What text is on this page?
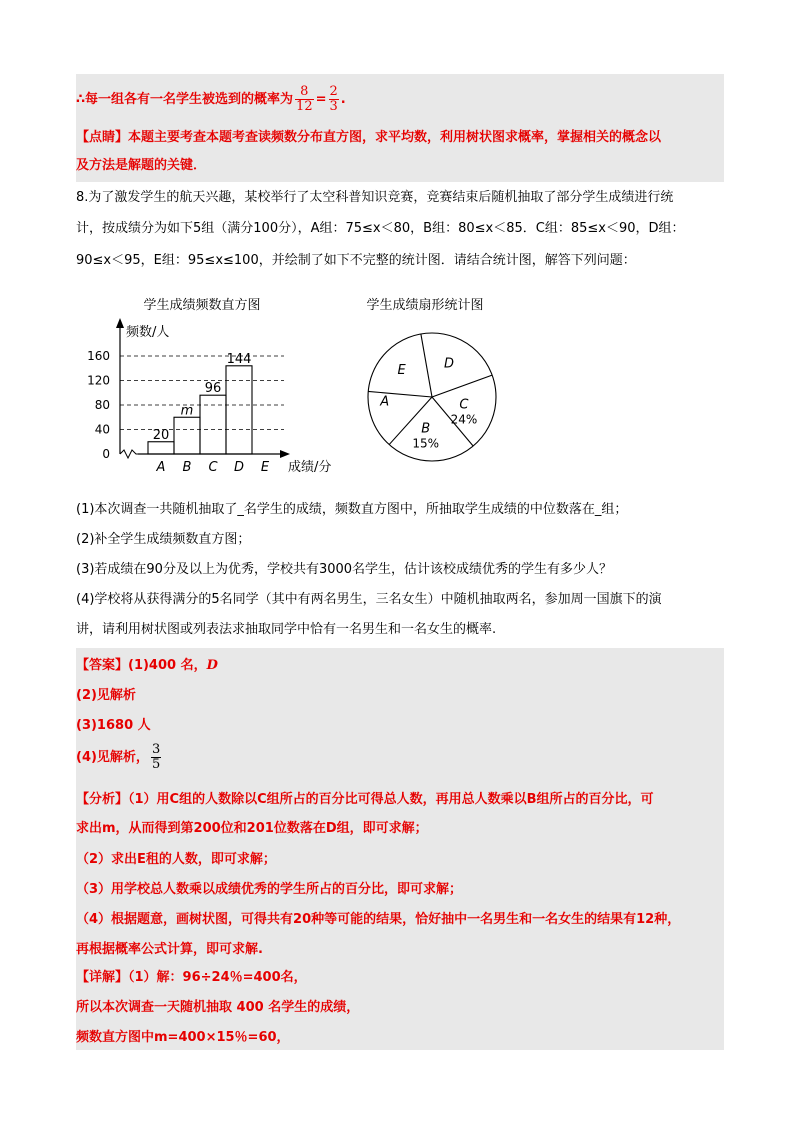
∴每一组各有一名学生被选到的概率为 $\frac{8}{12} = \frac{2}{3}$ .
【点睛】本题主要考查本题考查读频数分布直方图，求平均数，利用树状图求概率，掌握相关的概念以
及方法是解题的关键．
8.为了激发学生的航天兴趣，某校举行了太空科普知识竞赛，竞赛结束后随机抽取了部分学生成绩进行统
计，按成绩分为如下5组（满分100分），A组：75≤x＜80，B组：80≤x＜85．C组：85≤x＜90，D组：
90≤x＜95，E组：95≤x≤100，并绘制了如下不完整的统计图．请结合统计图，解答下列问题：
学生成绩频数直方图
频数/人
成绩/分
0
40
80
120
160
20
m
96
144
A B C D E
学生成绩扇形统计图
E	D
A
B
15%
C
24%
(1)本次调查一共随机抽取了_名学生的成绩，频数直方图中，所抽取学生成绩的中位数落在_组；
(2)补全学生成绩频数直方图；
(3)若成绩在90分及以上为优秀，学校共有3000名学生，估计该校成绩优秀的学生有多少人？
(4)学校将从获得满分的5名同学（其中有两名男生，三名女生）中随机抽取两名，参加周一国旗下的演
讲，请利用树状图或列表法求抽取同学中恰有一名男生和一名女生的概率.
【答案】(1)400 名，D
(2)见解析
(3)1680 人
(4)见解析， $\frac{3}{5}$
【分析】（1）用C组的人数除以C组所占的百分比可得总人数，再用总人数乘以B组所占的百分比，可
求出m，从而得到第200位和201位数落在D组，即可求解；
（2）求出E租的人数，即可求解；
（3）用学校总人数乘以成绩优秀的学生所占的百分比，即可求解；
（4）根据题意，画树状图，可得共有20种等可能的结果，恰好抽中一名男生和一名女生的结果有12种，
再根据概率公式计算，即可求解.
【详解】（1）解：96÷24％=400名，
所以本次调查一天随机抽取 400 名学生的成绩，
频数直方图中m=400×15％=60，
